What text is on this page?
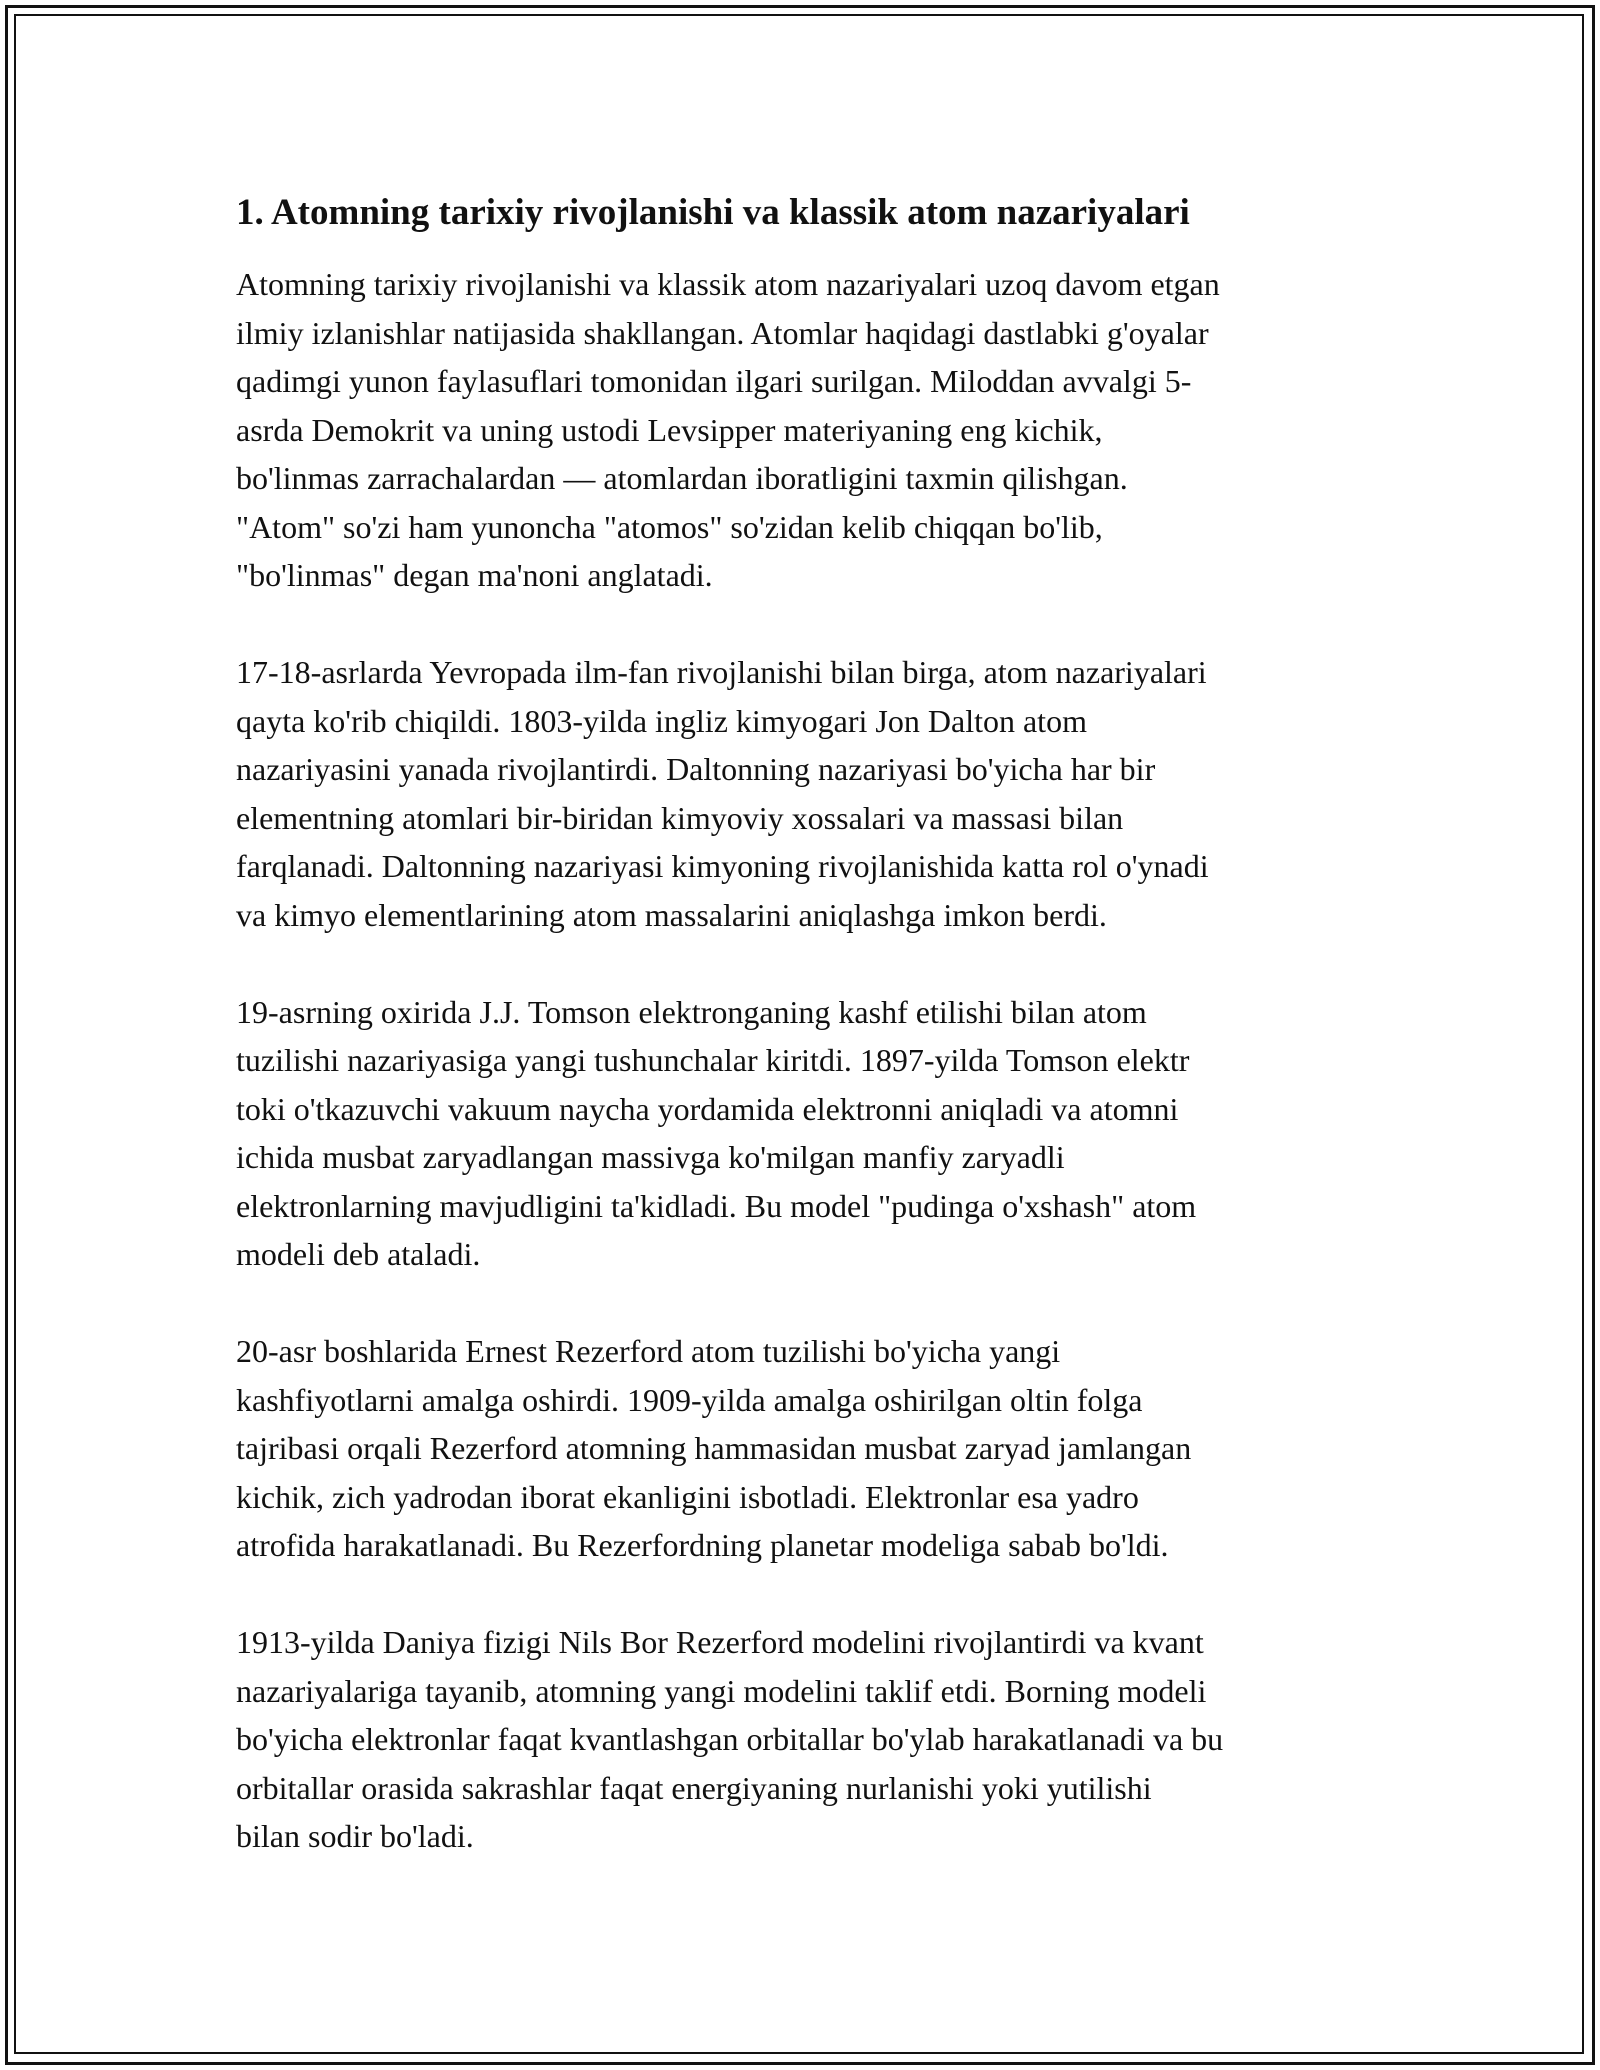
1. Atomning tarixiy rivojlanishi va klassik atom nazariyalari
Atomning tarixiy rivojlanishi va klassik atom nazariyalari uzoq davom etgan
ilmiy izlanishlar natijasida shakllangan. Atomlar haqidagi dastlabki g'oyalar
qadimgi yunon faylasuflari tomonidan ilgari surilgan. Miloddan avvalgi 5-
asrda Demokrit va uning ustodi Levsipper materiyaning eng kichik,
bo'linmas zarrachalardan — atomlardan iboratligini taxmin qilishgan.
"Atom" so'zi ham yunoncha "atomos" so'zidan kelib chiqqan bo'lib,
"bo'linmas" degan ma'noni anglatadi.
17-18-asrlarda Yevropada ilm-fan rivojlanishi bilan birga, atom nazariyalari
qayta ko'rib chiqildi. 1803-yilda ingliz kimyogari Jon Dalton atom
nazariyasini yanada rivojlantirdi. Daltonning nazariyasi bo'yicha har bir
elementning atomlari bir-biridan kimyoviy xossalari va massasi bilan
farqlanadi. Daltonning nazariyasi kimyoning rivojlanishida katta rol o'ynadi
va kimyo elementlarining atom massalarini aniqlashga imkon berdi.
19-asrning oxirida J.J. Tomson elektronganing kashf etilishi bilan atom
tuzilishi nazariyasiga yangi tushunchalar kiritdi. 1897-yilda Tomson elektr
toki o'tkazuvchi vakuum naycha yordamida elektronni aniqladi va atomni
ichida musbat zaryadlangan massivga ko'milgan manfiy zaryadli
elektronlarning mavjudligini ta'kidladi. Bu model "pudinga o'xshash" atom
modeli deb ataladi.
20-asr boshlarida Ernest Rezerford atom tuzilishi bo'yicha yangi
kashfiyotlarni amalga oshirdi. 1909-yilda amalga oshirilgan oltin folga
tajribasi orqali Rezerford atomning hammasidan musbat zaryad jamlangan
kichik, zich yadrodan iborat ekanligini isbotladi. Elektronlar esa yadro
atrofida harakatlanadi. Bu Rezerfordning planetar modeliga sabab bo'ldi.
1913-yilda Daniya fizigi Nils Bor Rezerford modelini rivojlantirdi va kvant
nazariyalariga tayanib, atomning yangi modelini taklif etdi. Borning modeli
bo'yicha elektronlar faqat kvantlashgan orbitallar bo'ylab harakatlanadi va bu
orbitallar orasida sakrashlar faqat energiyaning nurlanishi yoki yutilishi
bilan sodir bo'ladi.
